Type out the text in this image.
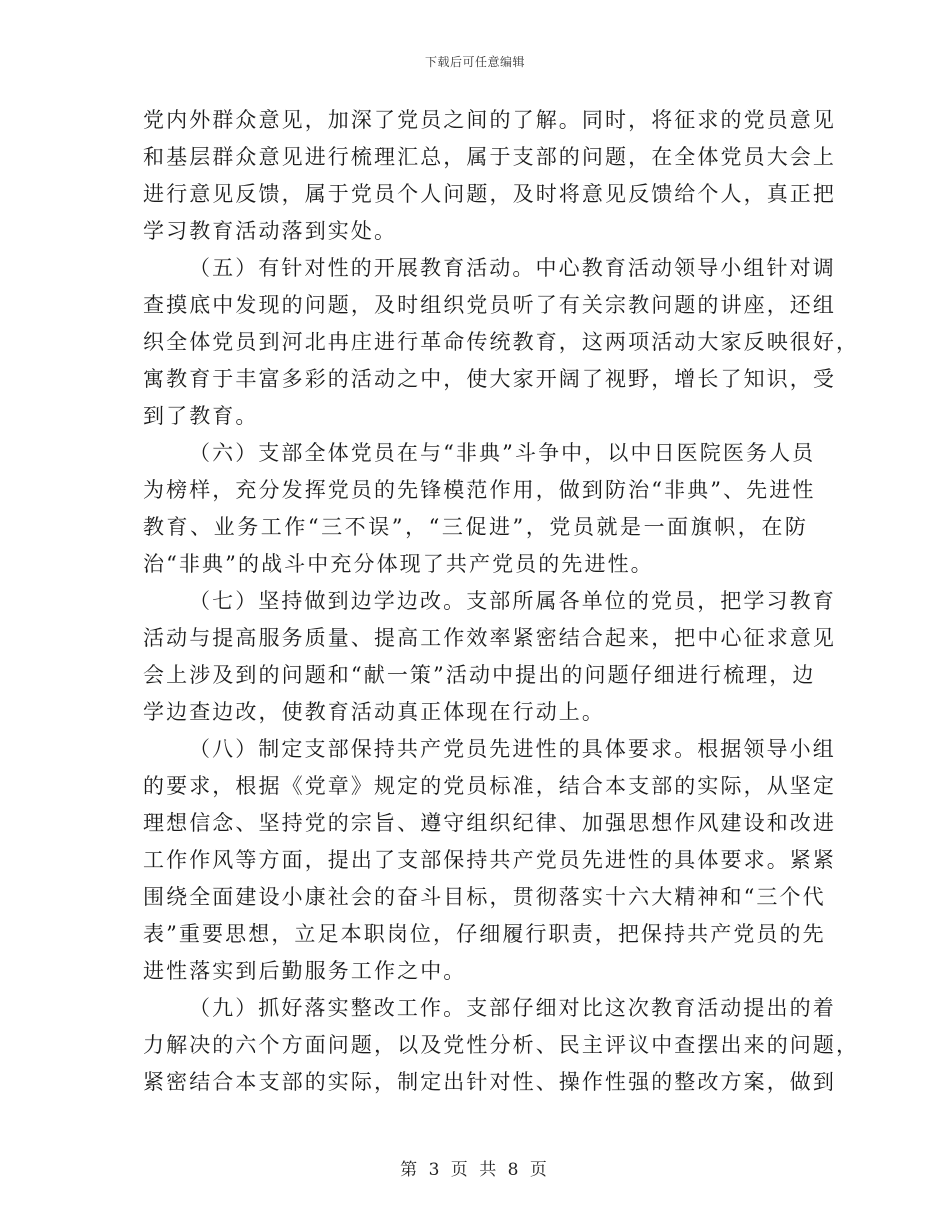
下载后可任意编辑

党内外群众意见，加深了党员之间的了解。同时，将征求的党员意见
和基层群众意见进行梳理汇总，属于支部的问题，在全体党员大会上
进行意见反馈，属于党员个人问题，及时将意见反馈给个人，真正把
学习教育活动落到实处。

（五）有针对性的开展教育活动。中心教育活动领导小组针对调
查摸底中发现的问题，及时组织党员听了有关宗教问题的讲座，还组
织全体党员到河北冉庄进行革命传统教育，这两项活动大家反映很好，
寓教育于丰富多彩的活动之中，使大家开阔了视野，增长了知识，受
到了教育。

（六）支部全体党员在与“非典”斗争中，以中日医院医务人员
为榜样，充分发挥党员的先锋模范作用，做到防治“非典”、先进性
教育、业务工作“三不误”，“三促进”，党员就是一面旗帜，在防
治“非典”的战斗中充分体现了共产党员的先进性。

（七）坚持做到边学边改。支部所属各单位的党员，把学习教育
活动与提高服务质量、提高工作效率紧密结合起来，把中心征求意见
会上涉及到的问题和“献一策”活动中提出的问题仔细进行梳理，边
学边查边改，使教育活动真正体现在行动上。

（八）制定支部保持共产党员先进性的具体要求。根据领导小组
的要求，根据《党章》规定的党员标准，结合本支部的实际，从坚定
理想信念、坚持党的宗旨、遵守组织纪律、加强思想作风建设和改进
工作作风等方面，提出了支部保持共产党员先进性的具体要求。紧紧
围绕全面建设小康社会的奋斗目标，贯彻落实十六大精神和“三个代
表”重要思想，立足本职岗位，仔细履行职责，把保持共产党员的先
进性落实到后勤服务工作之中。

（九）抓好落实整改工作。支部仔细对比这次教育活动提出的着
力解决的六个方面问题，以及党性分析、民主评议中查摆出来的问题，
紧密结合本支部的实际，制定出针对性、操作性强的整改方案，做到

第 3 页 共 8 页
